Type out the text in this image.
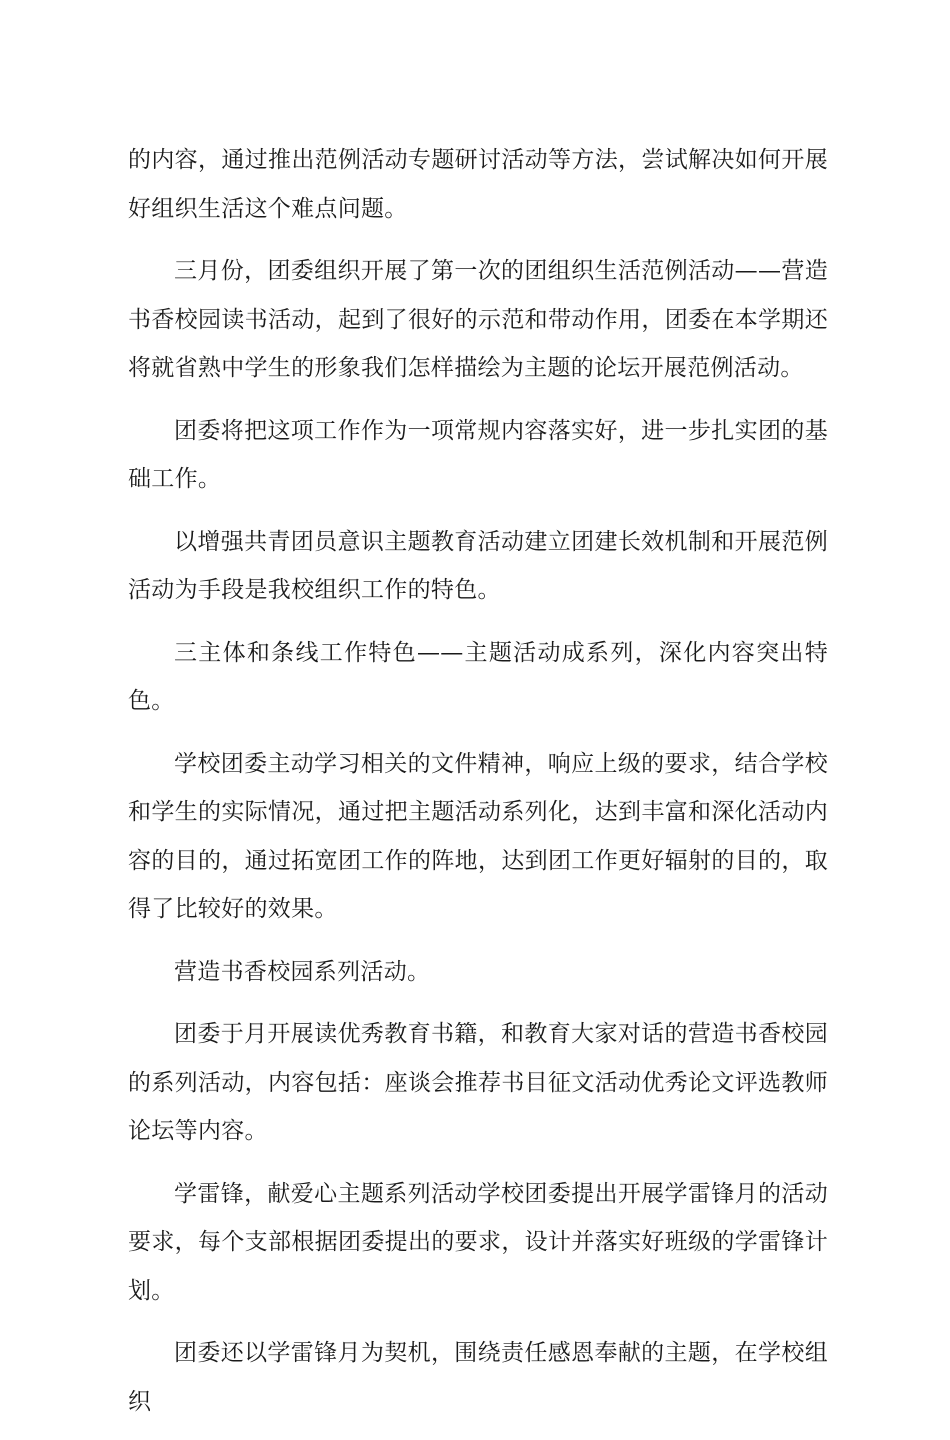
的内容，通过推出范例活动专题研讨活动等方法，尝试解决如何开展好组织生活这个难点问题。

三月份，团委组织开展了第一次的团组织生活范例活动——营造书香校园读书活动，起到了很好的示范和带动作用，团委在本学期还将就省熟中学生的形象我们怎样描绘为主题的论坛开展范例活动。

团委将把这项工作作为一项常规内容落实好，进一步扎实团的基础工作。

以增强共青团员意识主题教育活动建立团建长效机制和开展范例活动为手段是我校组织工作的特色。

三主体和条线工作特色——主题活动成系列，深化内容突出特色。

学校团委主动学习相关的文件精神，响应上级的要求，结合学校和学生的实际情况，通过把主题活动系列化，达到丰富和深化活动内容的目的，通过拓宽团工作的阵地，达到团工作更好辐射的目的，取得了比较好的效果。

营造书香校园系列活动。

团委于月开展读优秀教育书籍，和教育大家对话的营造书香校园的系列活动，内容包括：座谈会推荐书目征文活动优秀论文评选教师论坛等内容。

学雷锋，献爱心主题系列活动学校团委提出开展学雷锋月的活动要求，每个支部根据团委提出的要求，设计并落实好班级的学雷锋计划。

团委还以学雷锋月为契机，围绕责任感恩奉献的主题，在学校组织
